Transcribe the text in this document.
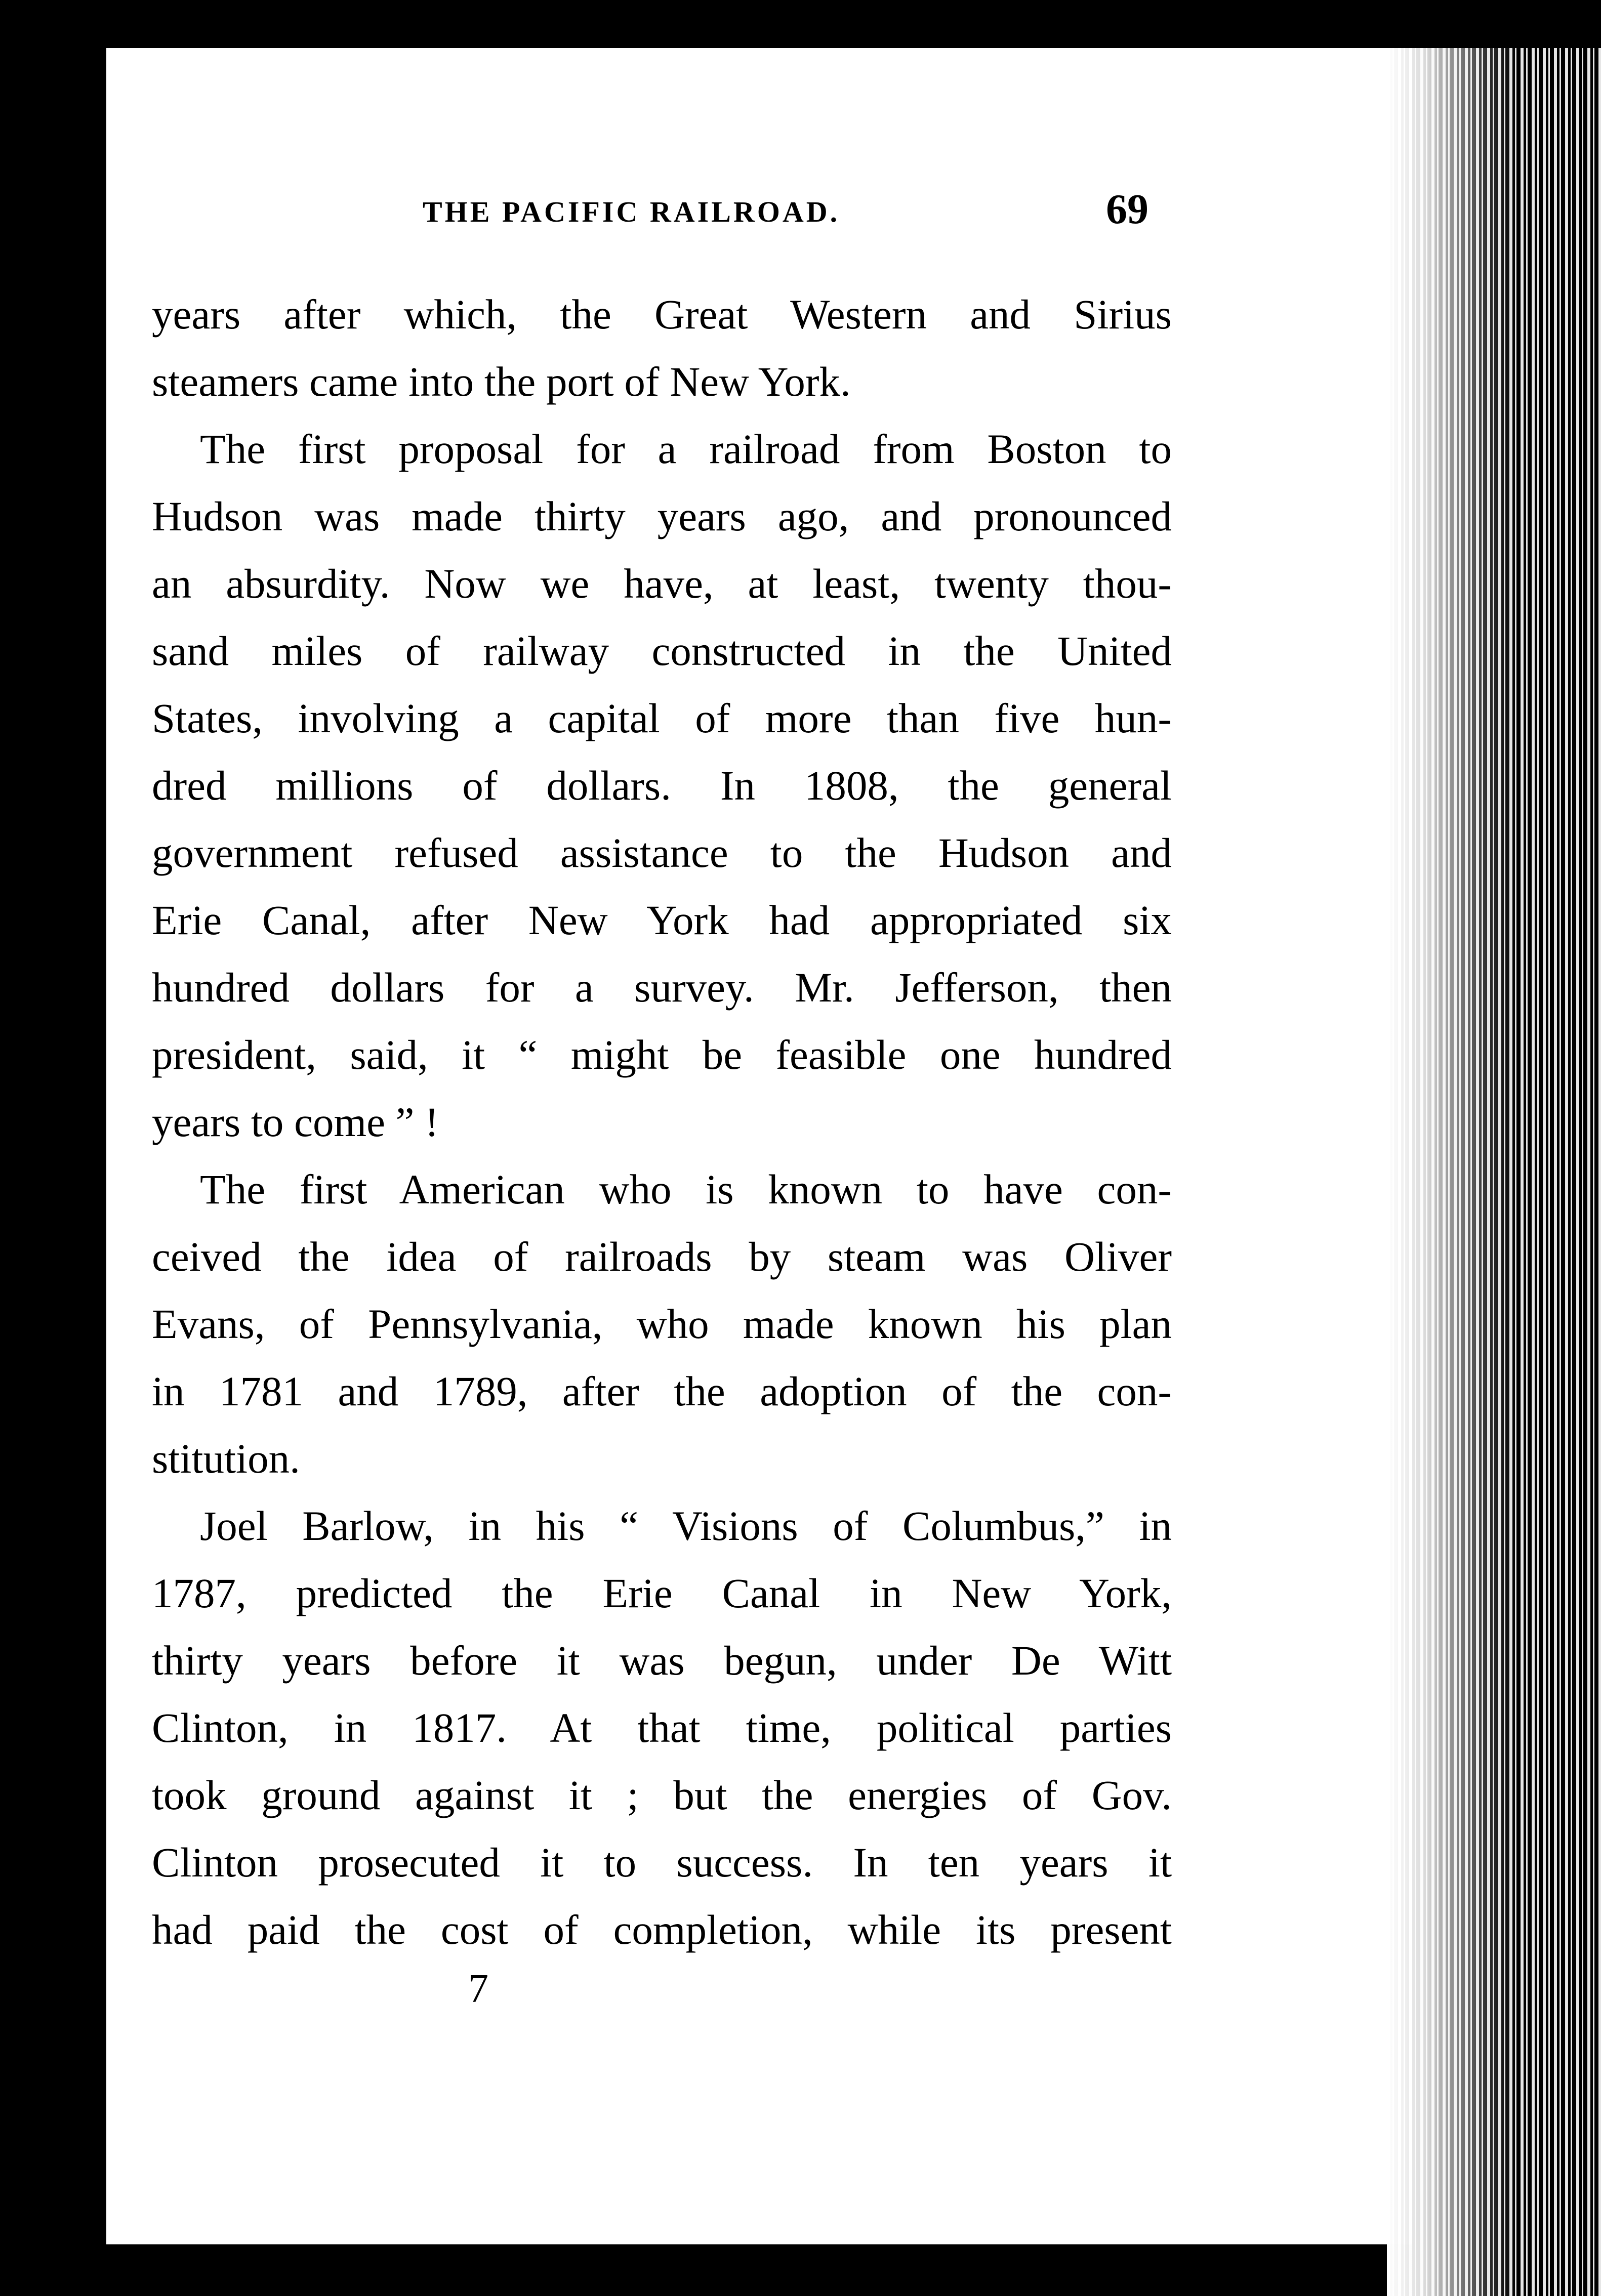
THE PACIFIC RAILROAD.	69
years after which, the Great Western and Sirius
steamers came into the port of New York.
The first proposal for a railroad from Boston to
Hudson was made thirty years ago, and pronounced
an absurdity. Now we have, at least, twenty thou-
sand miles of railway constructed in the United
States, involving a capital of more than five hun-
dred millions of dollars. In 1808, the general
government refused assistance to the Hudson and
Erie Canal, after New York had appropriated six
hundred dollars for a survey. Mr. Jefferson, then
president, said, it “ might be feasible one hundred
years to come ” !
The first American who is known to have con-
ceived the idea of railroads by steam was Oliver
Evans, of Pennsylvania, who made known his plan
in 1781 and 1789, after the adoption of the con-
stitution.
Joel Barlow, in his “ Visions of Columbus,” in
1787, predicted the Erie Canal in New York,
thirty years before it was begun, under De Witt
Clinton, in 1817. At that time, political parties
took ground against it ; but the energies of Gov.
Clinton prosecuted it to success. In ten years it
had paid the cost of completion, while its present
7
